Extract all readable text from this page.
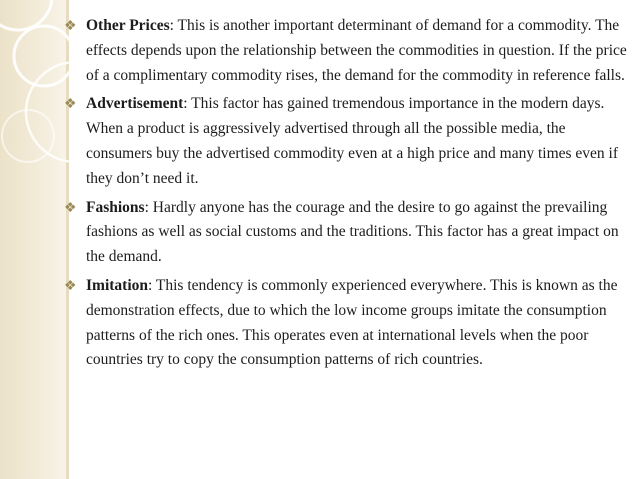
❖ Other Prices: This is another important determinant of demand for a commodity. The effects depends upon the relationship between the commodities in question. If the price of a complimentary commodity rises, the demand for the commodity in reference falls.
❖ Advertisement: This factor has gained tremendous importance in the modern days. When a product is aggressively advertised through all the possible media, the consumers buy the advertised commodity even at a high price and many times even if they don’t need it.
❖ Fashions: Hardly anyone has the courage and the desire to go against the prevailing fashions as well as social customs and the traditions. This factor has a great impact on the demand.
❖ Imitation: This tendency is commonly experienced everywhere. This is known as the demonstration effects, due to which the low income groups imitate the consumption patterns of the rich ones. This operates even at international levels when the poor countries try to copy the consumption patterns of rich countries.
